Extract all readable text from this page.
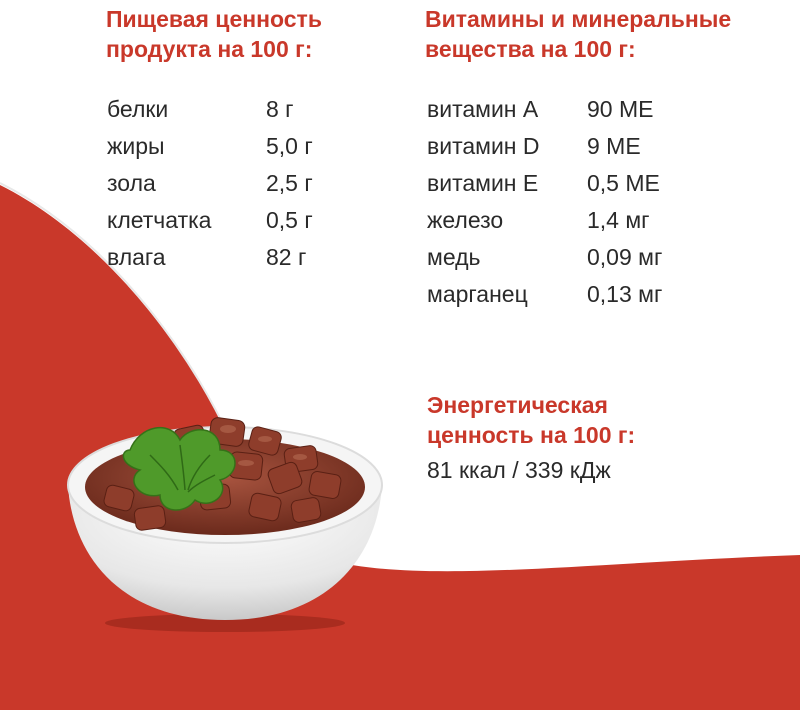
Пищевая ценность
продукта на 100 г:
белки	8 г
жиры	5,0 г
зола	2,5 г
клетчатка	0,5 г
влага	82 г
Витамины и минеральные
вещества на 100 г:
витамин A	90 МЕ
витамин D	9 МЕ
витамин E	0,5 МЕ
железо	1,4 мг
медь	0,09 мг
марганец	0,13 мг
Энергетическая
ценность на 100 г:
81 ккал / 339 кДж
